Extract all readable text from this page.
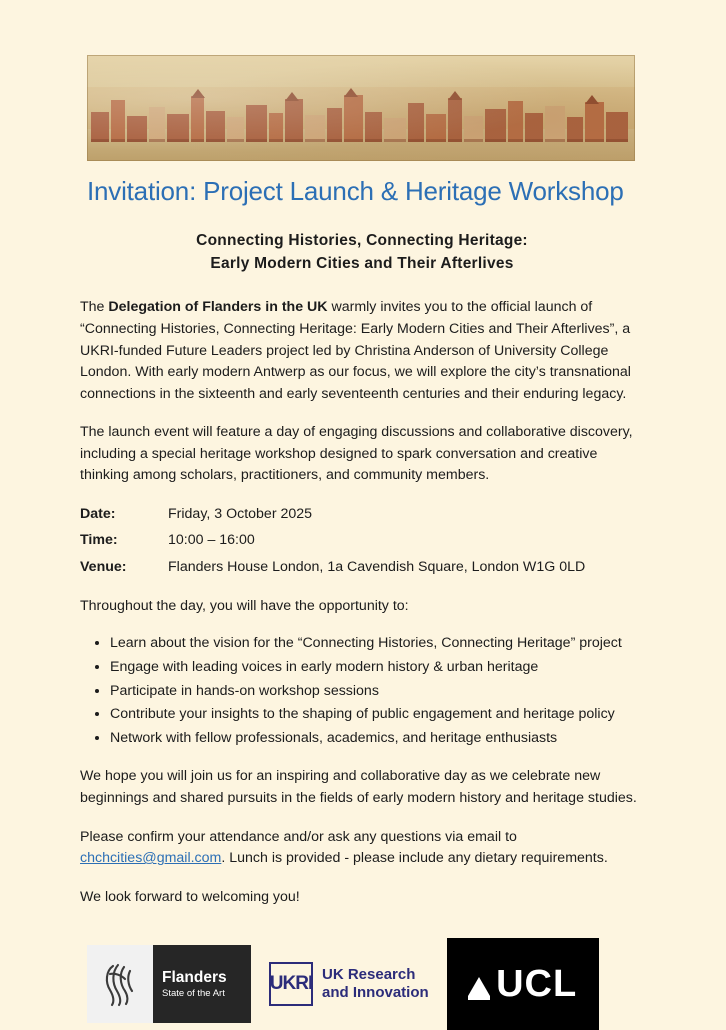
Invitation: Project Launch & Heritage Workshop
Connecting Histories, Connecting Heritage:
Early Modern Cities and Their Afterlives

The Delegation of Flanders in the UK warmly invites you to the official launch of “Connecting Histories, Connecting Heritage: Early Modern Cities and Their Afterlives”, a UKRI-funded Future Leaders project led by Christina Anderson of University College London. With early modern Antwerp as our focus, we will explore the city’s transnational connections in the sixteenth and early seventeenth centuries and their enduring legacy.

The launch event will feature a day of engaging discussions and collaborative discovery, including a special heritage workshop designed to spark conversation and creative thinking among scholars, practitioners, and community members.

Date:	Friday, 3 October 2025
Time:	10:00 – 16:00
Venue:	Flanders House London, 1a Cavendish Square, London W1G 0LD

Throughout the day, you will have the opportunity to:

• Learn about the vision for the “Connecting Histories, Connecting Heritage” project
• Engage with leading voices in early modern history & urban heritage
• Participate in hands-on workshop sessions
• Contribute your insights to the shaping of public engagement and heritage policy
• Network with fellow professionals, academics, and heritage enthusiasts

We hope you will join us for an inspiring and collaborative day as we celebrate new beginnings and shared pursuits in the fields of early modern history and heritage studies.

Please confirm your attendance and/or ask any questions via email to chchcities@gmail.com. Lunch is provided - please include any dietary requirements.

We look forward to welcoming you!

Flanders
State of the Art	UKRI UK Research
and Innovation UCL
